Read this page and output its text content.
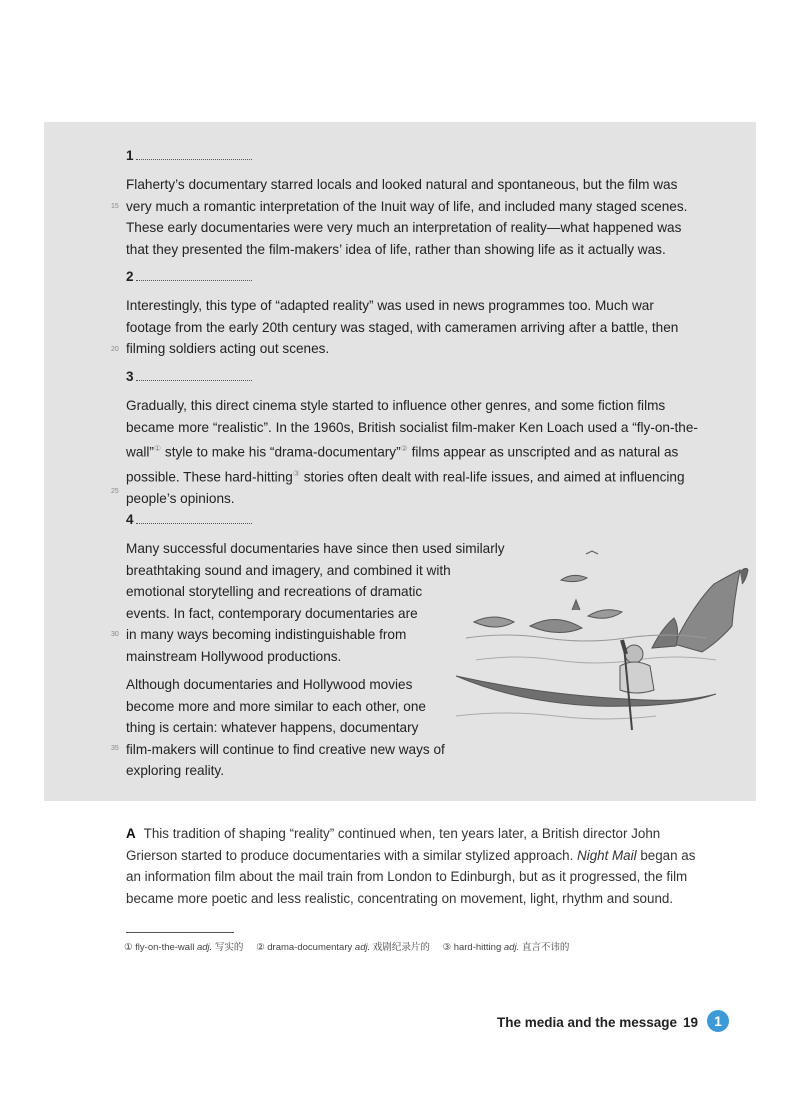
1
Flaherty’s documentary starred locals and looked natural and spontaneous, but the film was
very much a romantic interpretation of the Inuit way of life, and included many staged scenes.
These early documentaries were very much an interpretation of reality—what happened was
that they presented the film-makers’ idea of life, rather than showing life as it actually was.
15
2
Interestingly, this type of “adapted reality” was used in news programmes too. Much war
footage from the early 20th century was staged, with cameramen arriving after a battle, then
filming soldiers acting out scenes.
20
3
Gradually, this direct cinema style started to influence other genres, and some fiction films
became more “realistic”. In the 1960s, British socialist film-maker Ken Loach used a “fly-on-the-
wall”① style to make his “drama-documentary”② films appear as unscripted and as natural as
possible. These hard-hitting③ stories often dealt with real-life issues, and aimed at influencing
people’s opinions.
25
4
Many successful documentaries have since then used similarly
breathtaking sound and imagery, and combined it with
emotional storytelling and recreations of dramatic
events. In fact, contemporary documentaries are
in many ways becoming indistinguishable from
mainstream Hollywood productions.
30
Although documentaries and Hollywood movies
become more and more similar to each other, one
thing is certain: whatever happens, documentary
film-makers will continue to find creative new ways of
exploring reality.
35
A This tradition of shaping “reality” continued when, ten years later, a British director John
Grierson started to produce documentaries with a similar stylized approach. Night Mail began as
an information film about the mail train from London to Edinburgh, but as it progressed, the film
became more poetic and less realistic, concentrating on movement, light, rhythm and sound.
① fly-on-the-wall adj. 写实的 ② drama-documentary adj. 戏剧纪录片的 ③ hard-hitting adj. 直言不讳的
The media and the message 19	1
